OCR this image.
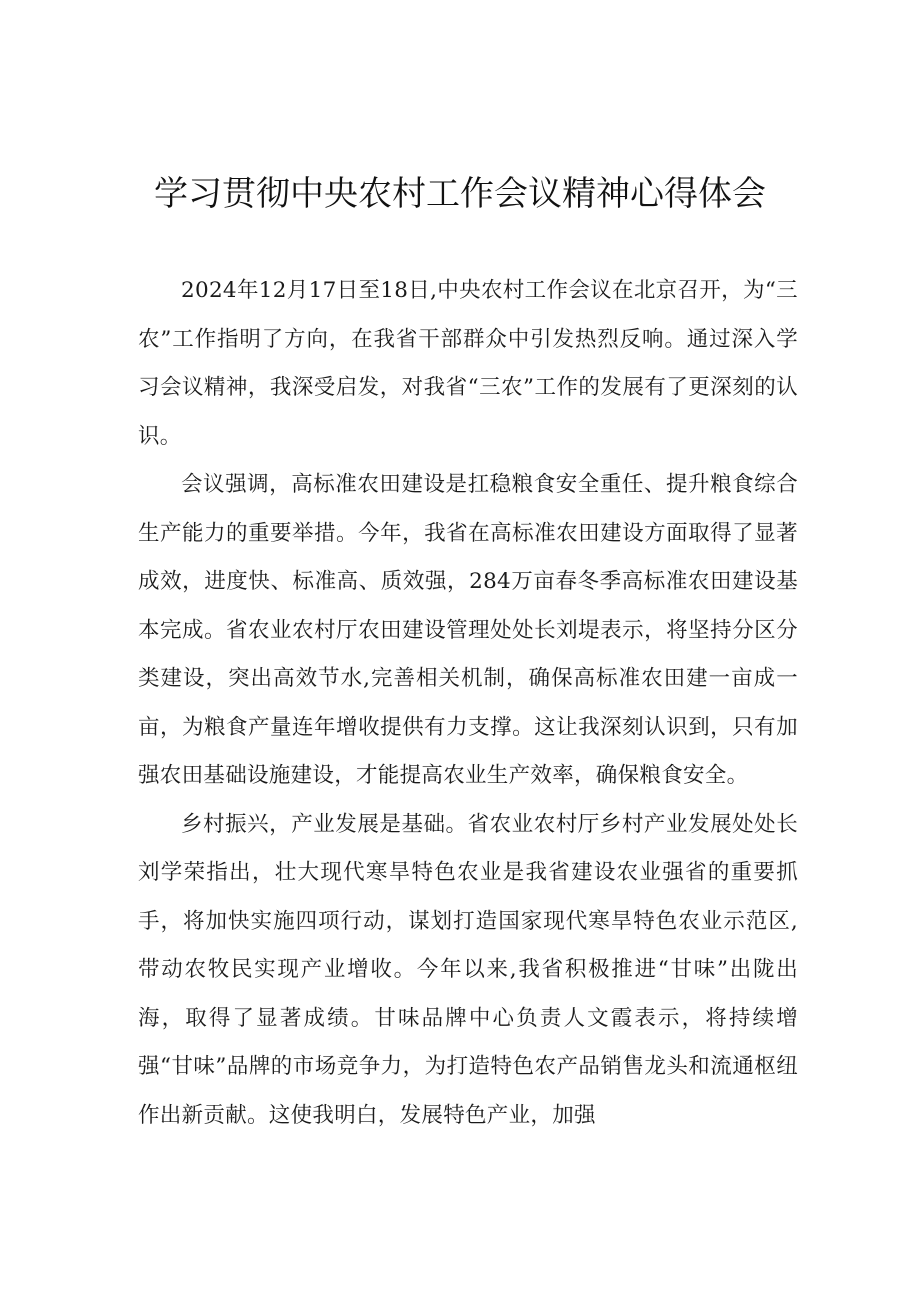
学习贯彻中央农村工作会议精神心得体会

2024年12月17日至18日,中央农村工作会议在北京召开，为“三农”工作指明了方向，在我省干部群众中引发热烈反响。通过深入学习会议精神，我深受启发，对我省“三农”工作的发展有了更深刻的认识。

会议强调，高标准农田建设是扛稳粮食安全重任、提升粮食综合生产能力的重要举措。今年，我省在高标准农田建设方面取得了显著成效，进度快、标准高、质效强，284万亩春冬季高标准农田建设基本完成。省农业农村厅农田建设管理处处长刘堤表示，将坚持分区分类建设，突出高效节水,完善相关机制，确保高标准农田建一亩成一亩，为粮食产量连年增收提供有力支撑。这让我深刻认识到，只有加强农田基础设施建设，才能提高农业生产效率，确保粮食安全。

乡村振兴，产业发展是基础。省农业农村厅乡村产业发展处处长刘学荣指出，壮大现代寒旱特色农业是我省建设农业强省的重要抓手，将加快实施四项行动，谋划打造国家现代寒旱特色农业示范区,带动农牧民实现产业增收。今年以来,我省积极推进“甘味”出陇出海，取得了显著成绩。甘味品牌中心负责人文霞表示，将持续增强“甘味”品牌的市场竞争力，为打造特色农产品销售龙头和流通枢纽作出新贡献。这使我明白，发展特色产业，加强
